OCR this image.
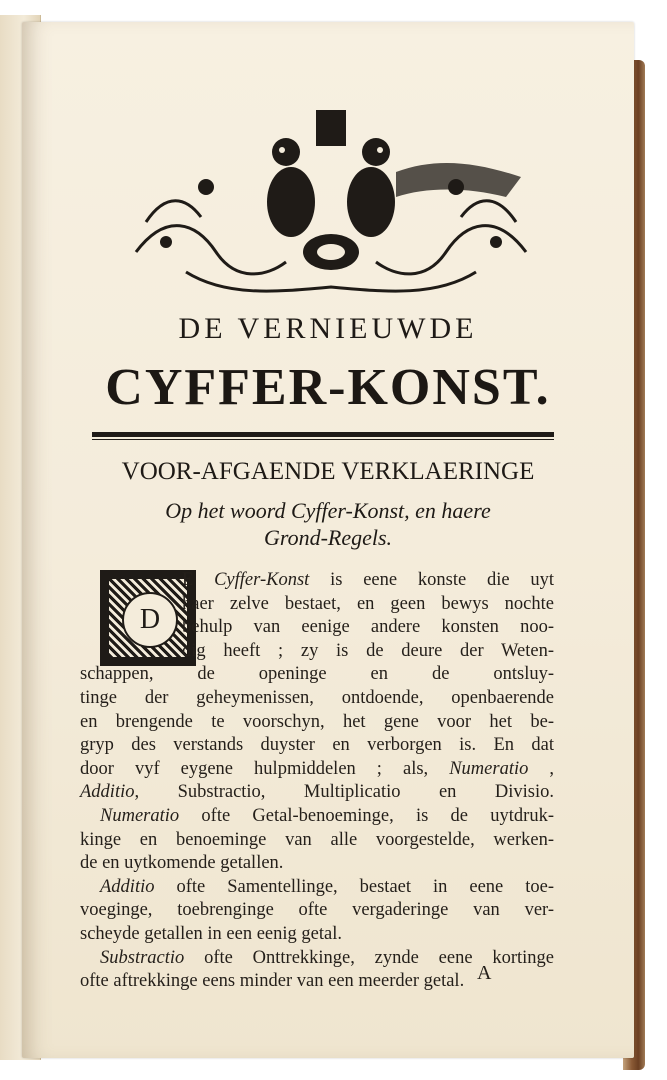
DE VERNIEUWDE
CYFFER-KONST.
VOOR-AFGAENDE VERKLAERINGE
Op het woord Cyffer-Konst, en haere
Grond-Regels.
D
E Cyffer-Konst is eene konste die uyt
haer zelve bestaet, en geen bewys nochte
behulp van eenige andere konsten noo-
dig heeft ; zy is de deure der Weten-
schappen, de openinge en de ontsluy-
tinge der geheymenissen, ontdoende, openbaerende
en brengende te voorschyn, het gene voor het be-
gryp des verstands duyster en verborgen is. En dat
door vyf eygene hulpmiddelen ; als, Numeratio ,
Additio, Substractio, Multiplicatio en Divisio.
Numeratio ofte Getal-benoeminge, is de uytdruk-
kinge en benoeminge van alle voorgestelde, werken-
de en uytkomende getallen.
Additio ofte Samentellinge, bestaet in eene toe-
voeginge, toebrenginge ofte vergaderinge van ver-
scheyde getallen in een eenig getal.
Substractio ofte Onttrekkinge, zynde eene kortinge
ofte aftrekkinge eens minder van een meerder getal. A
